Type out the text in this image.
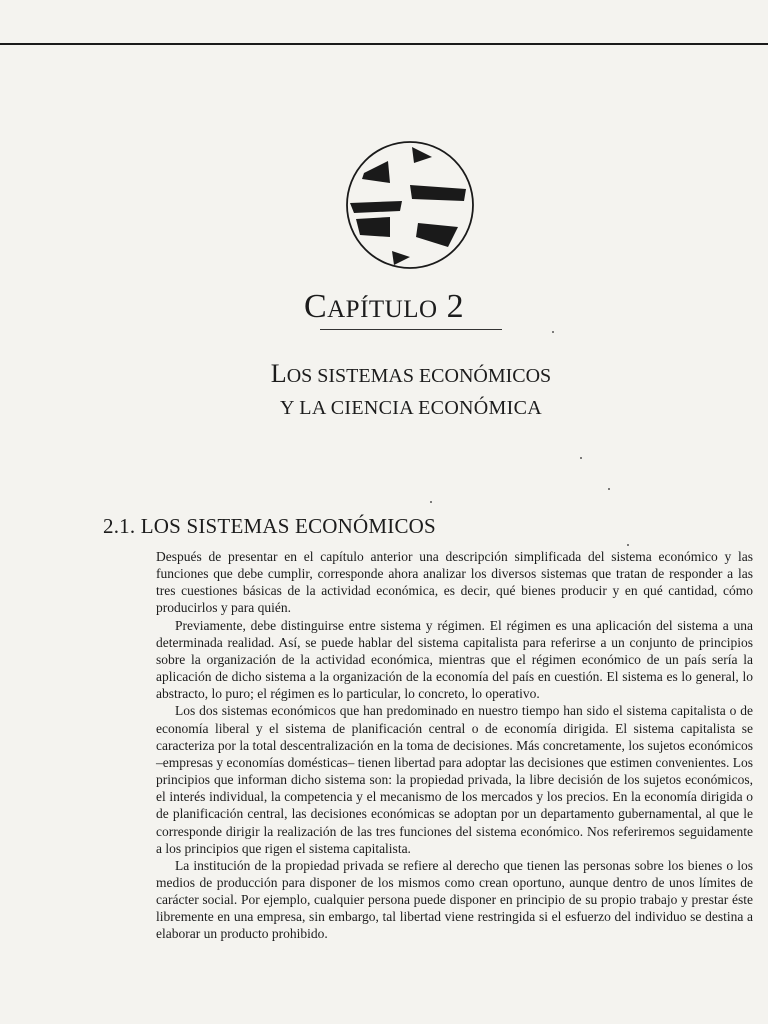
CAPÍTULO 2
LOS SISTEMAS ECONÓMICOS
Y LA CIENCIA ECONÓMICA
2.1. LOS SISTEMAS ECONÓMICOS

Después de presentar en el capítulo anterior una descripción simplificada del sistema económico y las funciones que debe cumplir, corresponde ahora analizar los diversos sistemas que tratan de responder a las tres cuestiones básicas de la actividad económica, es decir, qué bienes producir y en qué cantidad, cómo producirlos y para quién.

Previamente, debe distinguirse entre sistema y régimen. El régimen es una aplicación del sistema a una determinada realidad. Así, se puede hablar del sistema capitalista para referirse a un conjunto de principios sobre la organización de la actividad económica, mientras que el régimen económico de un país sería la aplicación de dicho sistema a la organización de la economía del país en cuestión. El sistema es lo general, lo abstracto, lo puro; el régimen es lo particular, lo concreto, lo operativo.

Los dos sistemas económicos que han predominado en nuestro tiempo han sido el sistema capitalista o de economía liberal y el sistema de planificación central o de economía dirigida. El sistema capitalista se caracteriza por la total descentralización en la toma de decisiones. Más concretamente, los sujetos económicos –empresas y economías domésticas– tienen libertad para adoptar las decisiones que estimen convenientes. Los principios que informan dicho sistema son: la propiedad privada, la libre decisión de los sujetos económicos, el interés individual, la competencia y el mecanismo de los mercados y los precios. En la economía dirigida o de planificación central, las decisiones económicas se adoptan por un departamento gubernamental, al que le corresponde dirigir la realización de las tres funciones del sistema económico. Nos referiremos seguidamente a los principios que rigen el sistema capitalista.

La institución de la propiedad privada se refiere al derecho que tienen las personas sobre los bienes o los medios de producción para disponer de los mismos como crean oportuno, aunque dentro de unos límites de carácter social. Por ejemplo, cualquier persona puede disponer en principio de su propio trabajo y prestar éste libremente en una empresa, sin embargo, tal libertad viene restringida si el esfuerzo del individuo se destina a elaborar un producto prohibido.
